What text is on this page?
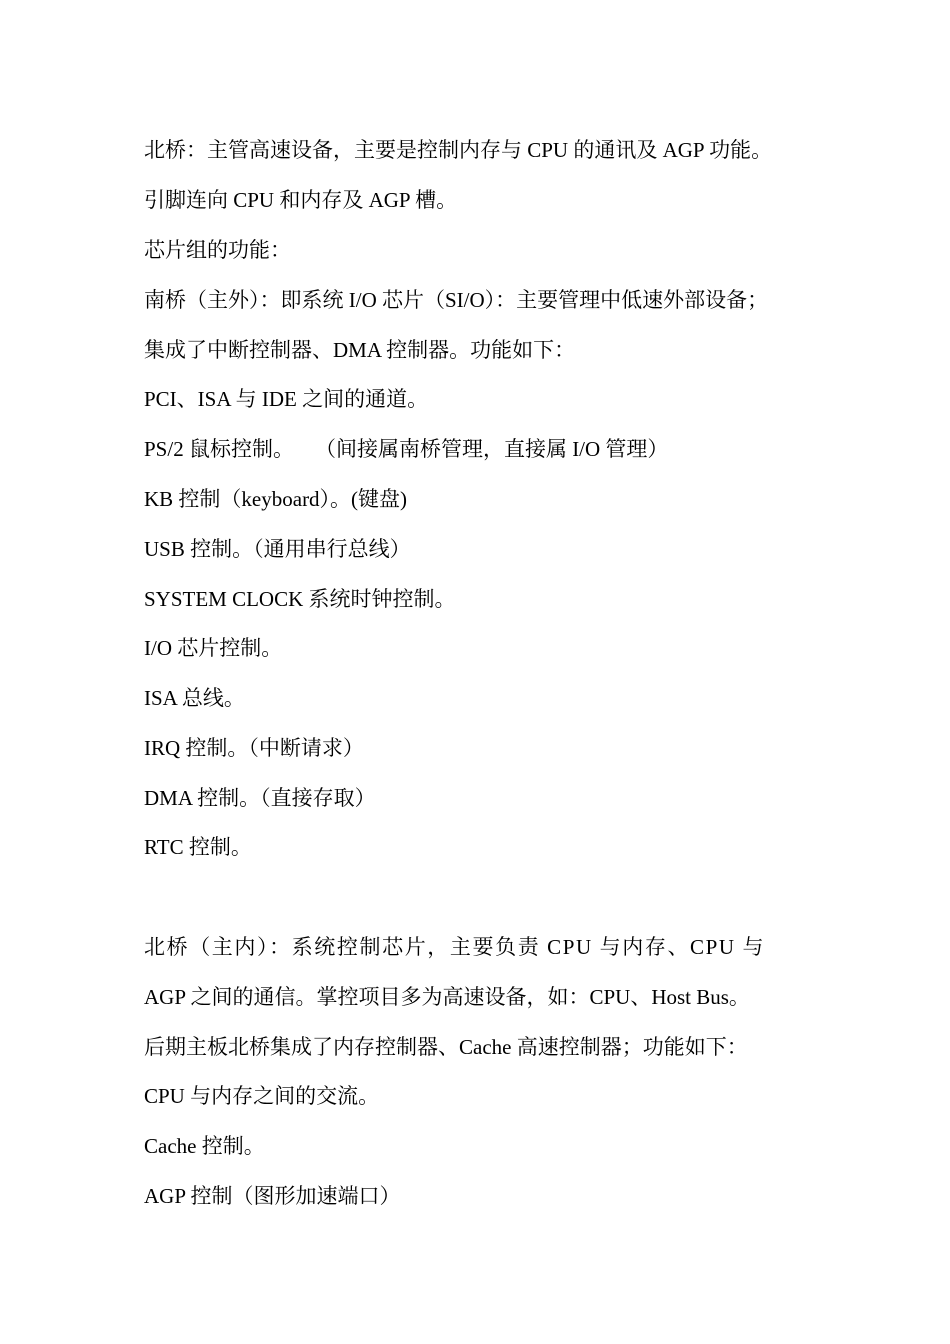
北桥：主管高速设备，主要是控制内存与 CPU 的通讯及 AGP 功能。
引脚连向 CPU 和内存及 AGP 槽。
芯片组的功能：
南桥（主外）：即系统 I/O 芯片（SI/O）：主要管理中低速外部设备；
集成了中断控制器、DMA 控制器。功能如下：
PCI、ISA 与 IDE 之间的通道。
PS/2 鼠标控制。    （间接属南桥管理，直接属 I/O 管理）
KB 控制（keyboard）。(键盘)
USB 控制。（通用串行总线）
SYSTEM CLOCK 系统时钟控制。
I/O 芯片控制。
ISA 总线。
IRQ 控制。（中断请求）
DMA 控制。（直接存取）
RTC 控制。
北桥（主内）：系统控制芯片，主要负责 CPU 与内存、CPU 与
AGP 之间的通信。掌控项目多为高速设备，如：CPU、Host Bus。
后期主板北桥集成了内存控制器、Cache 高速控制器；功能如下：
CPU 与内存之间的交流。
Cache 控制。
AGP 控制（图形加速端口）
